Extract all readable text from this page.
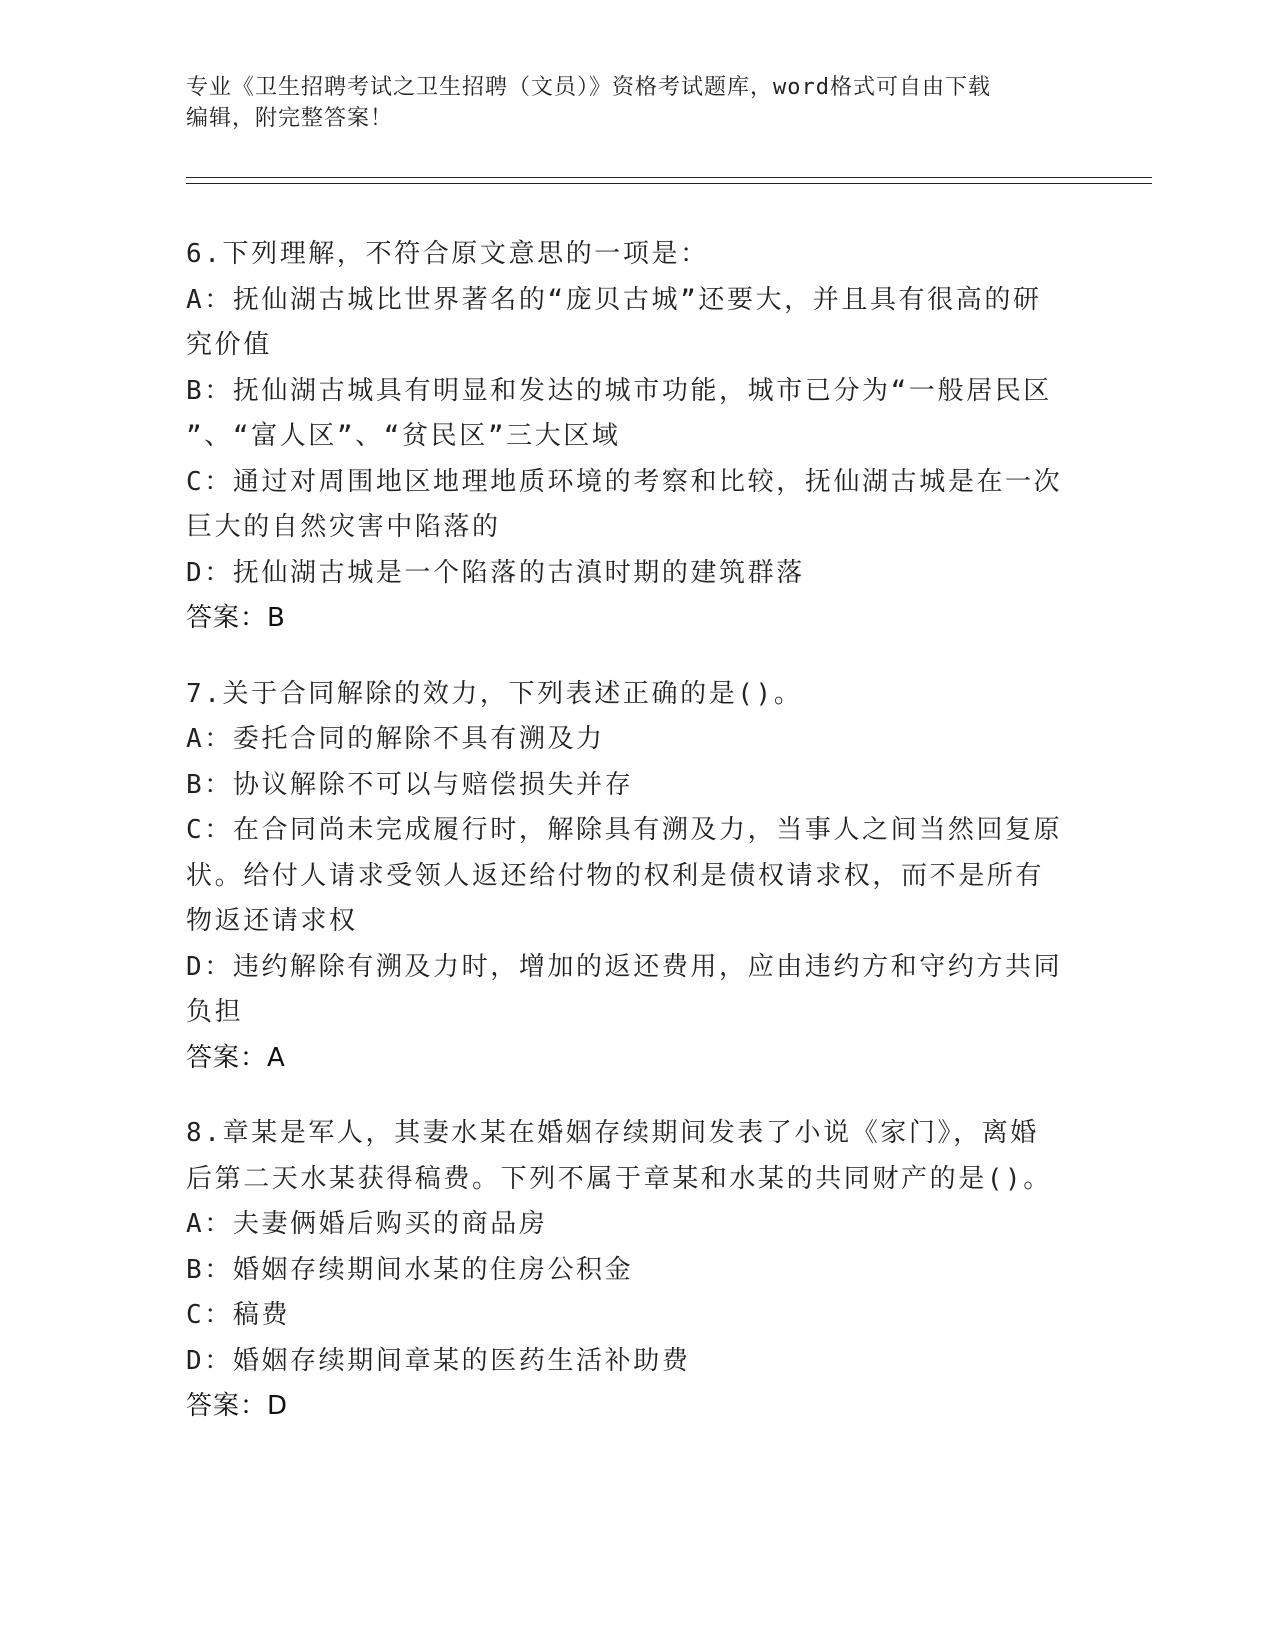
专业《卫生招聘考试之卫生招聘（文员）》资格考试题库，word格式可自由下载
编辑，附完整答案！
6.下列理解，不符合原文意思的一项是：
A：抚仙湖古城比世界著名的“庞贝古城”还要大，并且具有很高的研
究价值
B：抚仙湖古城具有明显和发达的城市功能，城市已分为“一般居民区
”、“富人区”、“贫民区”三大区域
C：通过对周围地区地理地质环境的考察和比较，抚仙湖古城是在一次
巨大的自然灾害中陷落的
D：抚仙湖古城是一个陷落的古滇时期的建筑群落
答案：B
7.关于合同解除的效力，下列表述正确的是()。
A：委托合同的解除不具有溯及力
B：协议解除不可以与赔偿损失并存
C：在合同尚未完成履行时，解除具有溯及力，当事人之间当然回复原
状。给付人请求受领人返还给付物的权利是债权请求权，而不是所有
物返还请求权
D：违约解除有溯及力时，增加的返还费用，应由违约方和守约方共同
负担
答案：A
8.章某是军人，其妻水某在婚姻存续期间发表了小说《家门》，离婚
后第二天水某获得稿费。下列不属于章某和水某的共同财产的是()。
A：夫妻俩婚后购买的商品房
B：婚姻存续期间水某的住房公积金
C：稿费
D：婚姻存续期间章某的医药生活补助费
答案：D
